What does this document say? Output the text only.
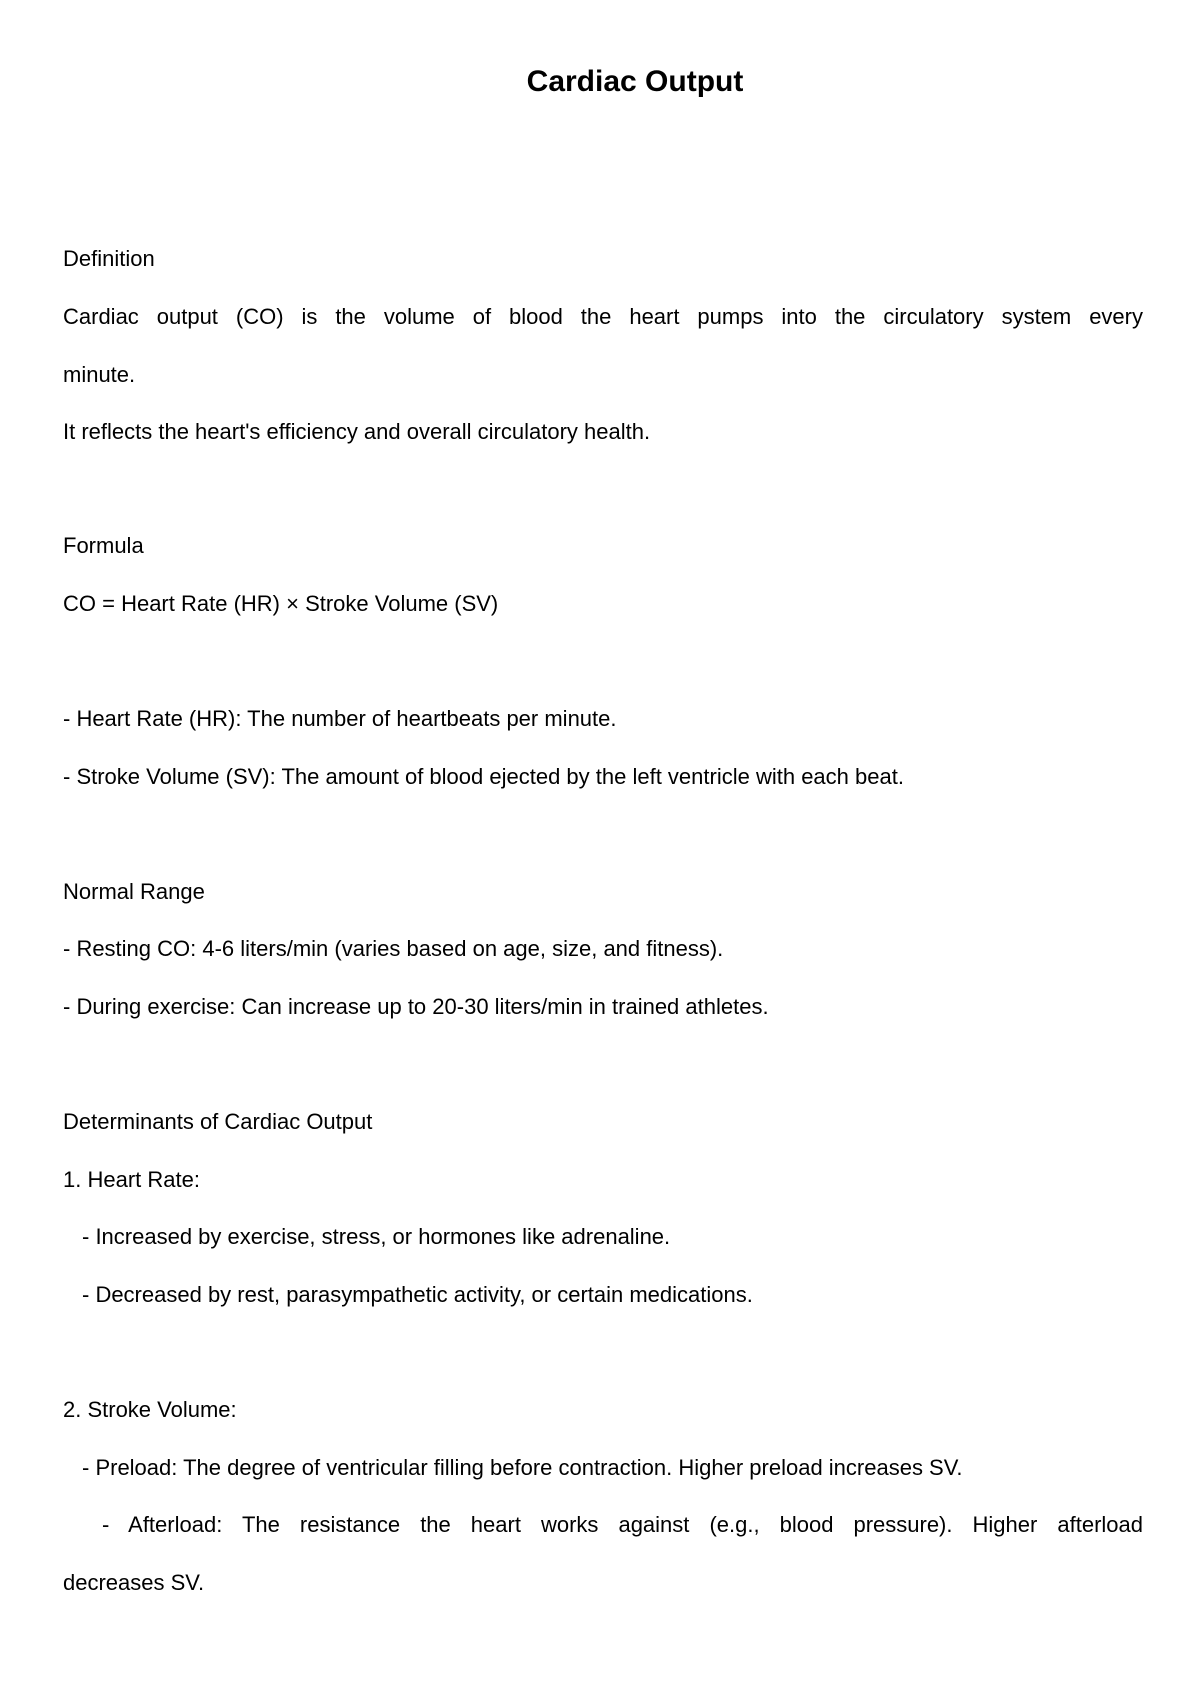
Cardiac Output

Definition

Cardiac output (CO) is the volume of blood the heart pumps into the circulatory system every

minute.

It reflects the heart's efficiency and overall circulatory health.

Formula

CO = Heart Rate (HR) × Stroke Volume (SV)

- Heart Rate (HR): The number of heartbeats per minute.

- Stroke Volume (SV): The amount of blood ejected by the left ventricle with each beat.

Normal Range

- Resting CO: 4-6 liters/min (varies based on age, size, and fitness).

- During exercise: Can increase up to 20-30 liters/min in trained athletes.

Determinants of Cardiac Output

1. Heart Rate:

- Increased by exercise, stress, or hormones like adrenaline.

- Decreased by rest, parasympathetic activity, or certain medications.

2. Stroke Volume:

- Preload: The degree of ventricular filling before contraction. Higher preload increases SV.

- Afterload: The resistance the heart works against (e.g., blood pressure). Higher afterload

decreases SV.
